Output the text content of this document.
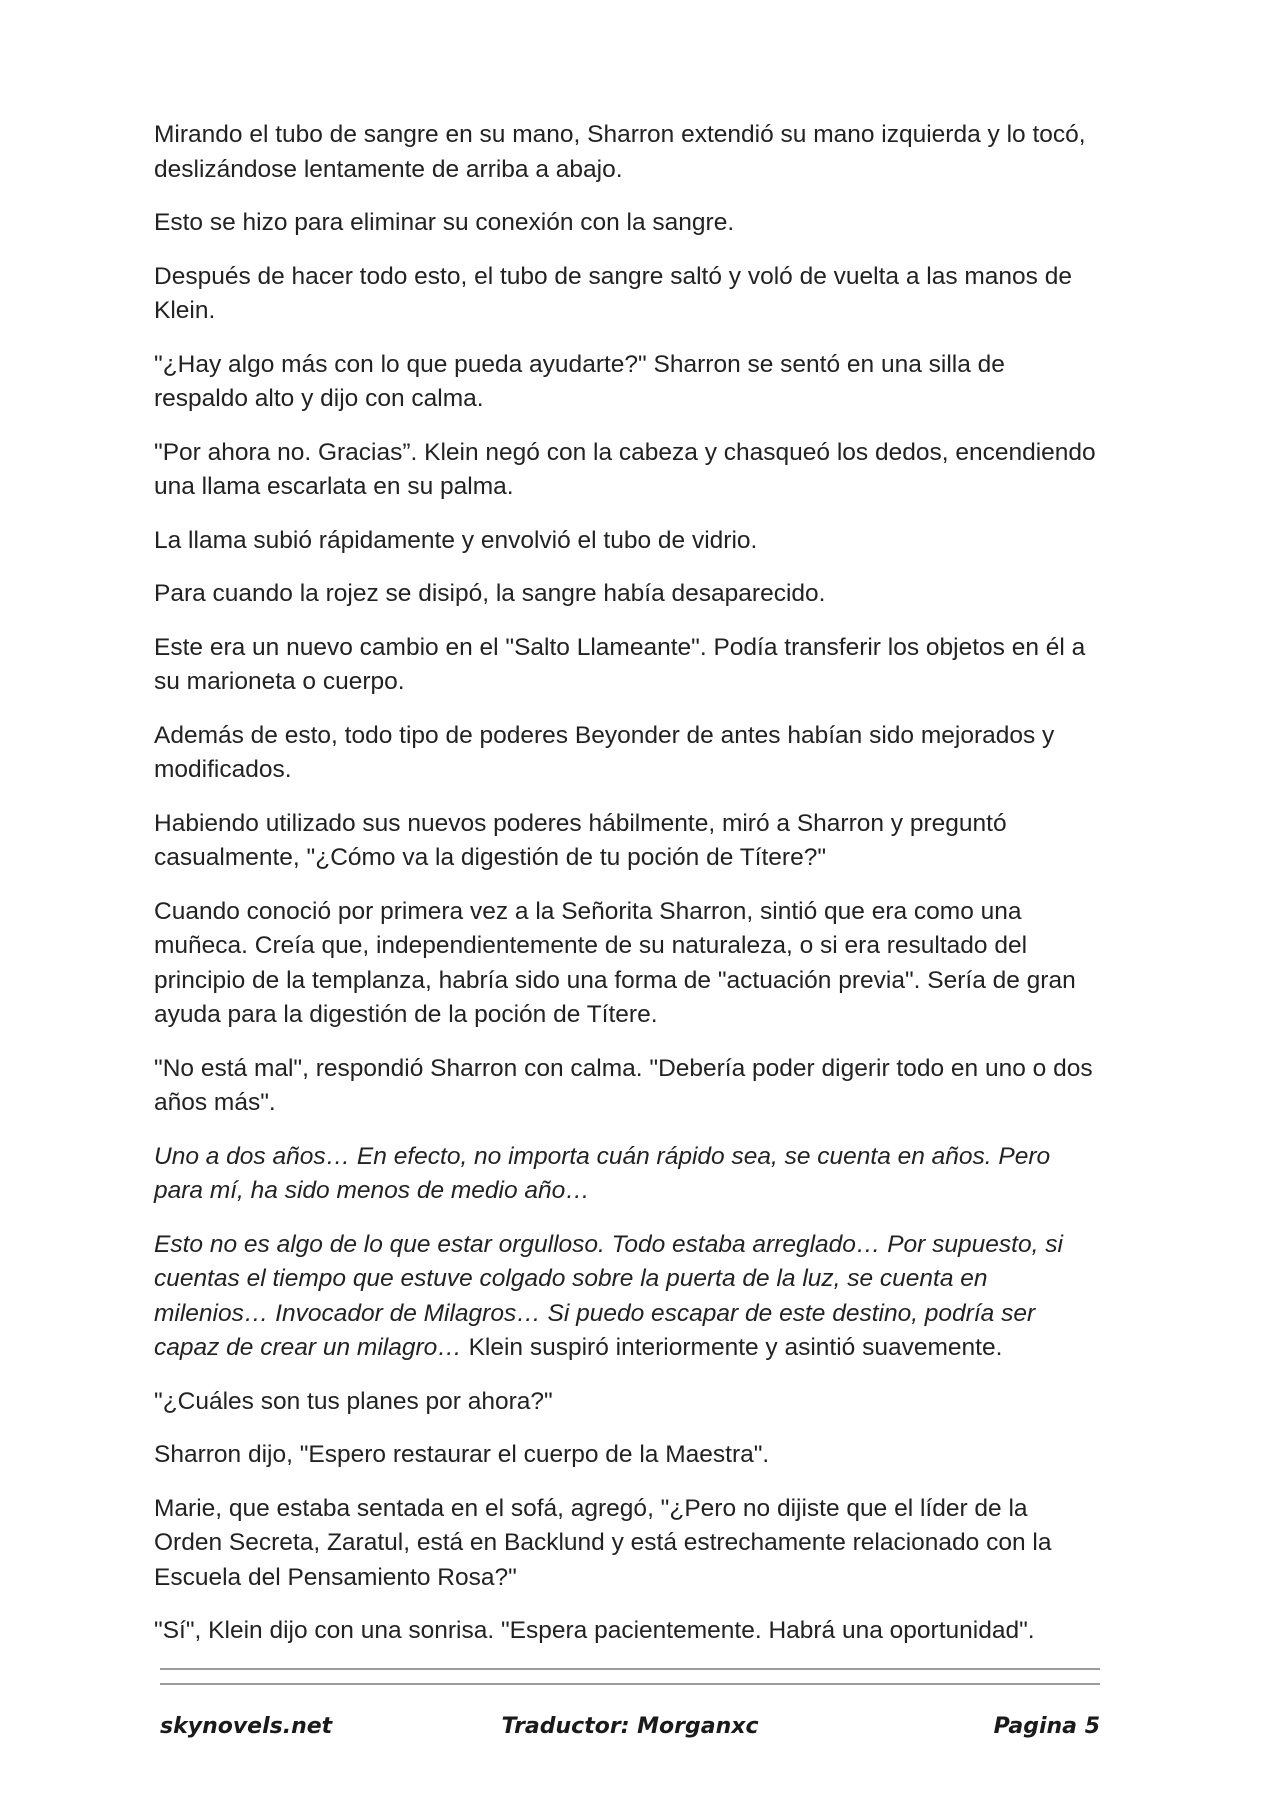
Mirando el tubo de sangre en su mano, Sharron extendió su mano izquierda y lo tocó, deslizándose lentamente de arriba a abajo.

Esto se hizo para eliminar su conexión con la sangre.

Después de hacer todo esto, el tubo de sangre saltó y voló de vuelta a las manos de Klein.

"¿Hay algo más con lo que pueda ayudarte?" Sharron se sentó en una silla de respaldo alto y dijo con calma.

"Por ahora no. Gracias”. Klein negó con la cabeza y chasqueó los dedos, encendiendo una llama escarlata en su palma.

La llama subió rápidamente y envolvió el tubo de vidrio.

Para cuando la rojez se disipó, la sangre había desaparecido.

Este era un nuevo cambio en el "Salto Llameante". Podía transferir los objetos en él a su marioneta o cuerpo.

Además de esto, todo tipo de poderes Beyonder de antes habían sido mejorados y modificados.

Habiendo utilizado sus nuevos poderes hábilmente, miró a Sharron y preguntó casualmente, "¿Cómo va la digestión de tu poción de Títere?"

Cuando conoció por primera vez a la Señorita Sharron, sintió que era como una muñeca. Creía que, independientemente de su naturaleza, o si era resultado del principio de la templanza, habría sido una forma de "actuación previa". Sería de gran ayuda para la digestión de la poción de Títere.

"No está mal", respondió Sharron con calma. "Debería poder digerir todo en uno o dos años más".

Uno a dos años… En efecto, no importa cuán rápido sea, se cuenta en años. Pero para mí, ha sido menos de medio año…

Esto no es algo de lo que estar orgulloso. Todo estaba arreglado… Por supuesto, si cuentas el tiempo que estuve colgado sobre la puerta de la luz, se cuenta en milenios… Invocador de Milagros… Si puedo escapar de este destino, podría ser capaz de crear un milagro… Klein suspiró interiormente y asintió suavemente.

"¿Cuáles son tus planes por ahora?"

Sharron dijo, "Espero restaurar el cuerpo de la Maestra".

Marie, que estaba sentada en el sofá, agregó, "¿Pero no dijiste que el líder de la Orden Secreta, Zaratul, está en Backlund y está estrechamente relacionado con la Escuela del Pensamiento Rosa?"

"Sí", Klein dijo con una sonrisa. "Espera pacientemente. Habrá una oportunidad".

skynovels.net	Traductor: Morganxc	Pagina 5
